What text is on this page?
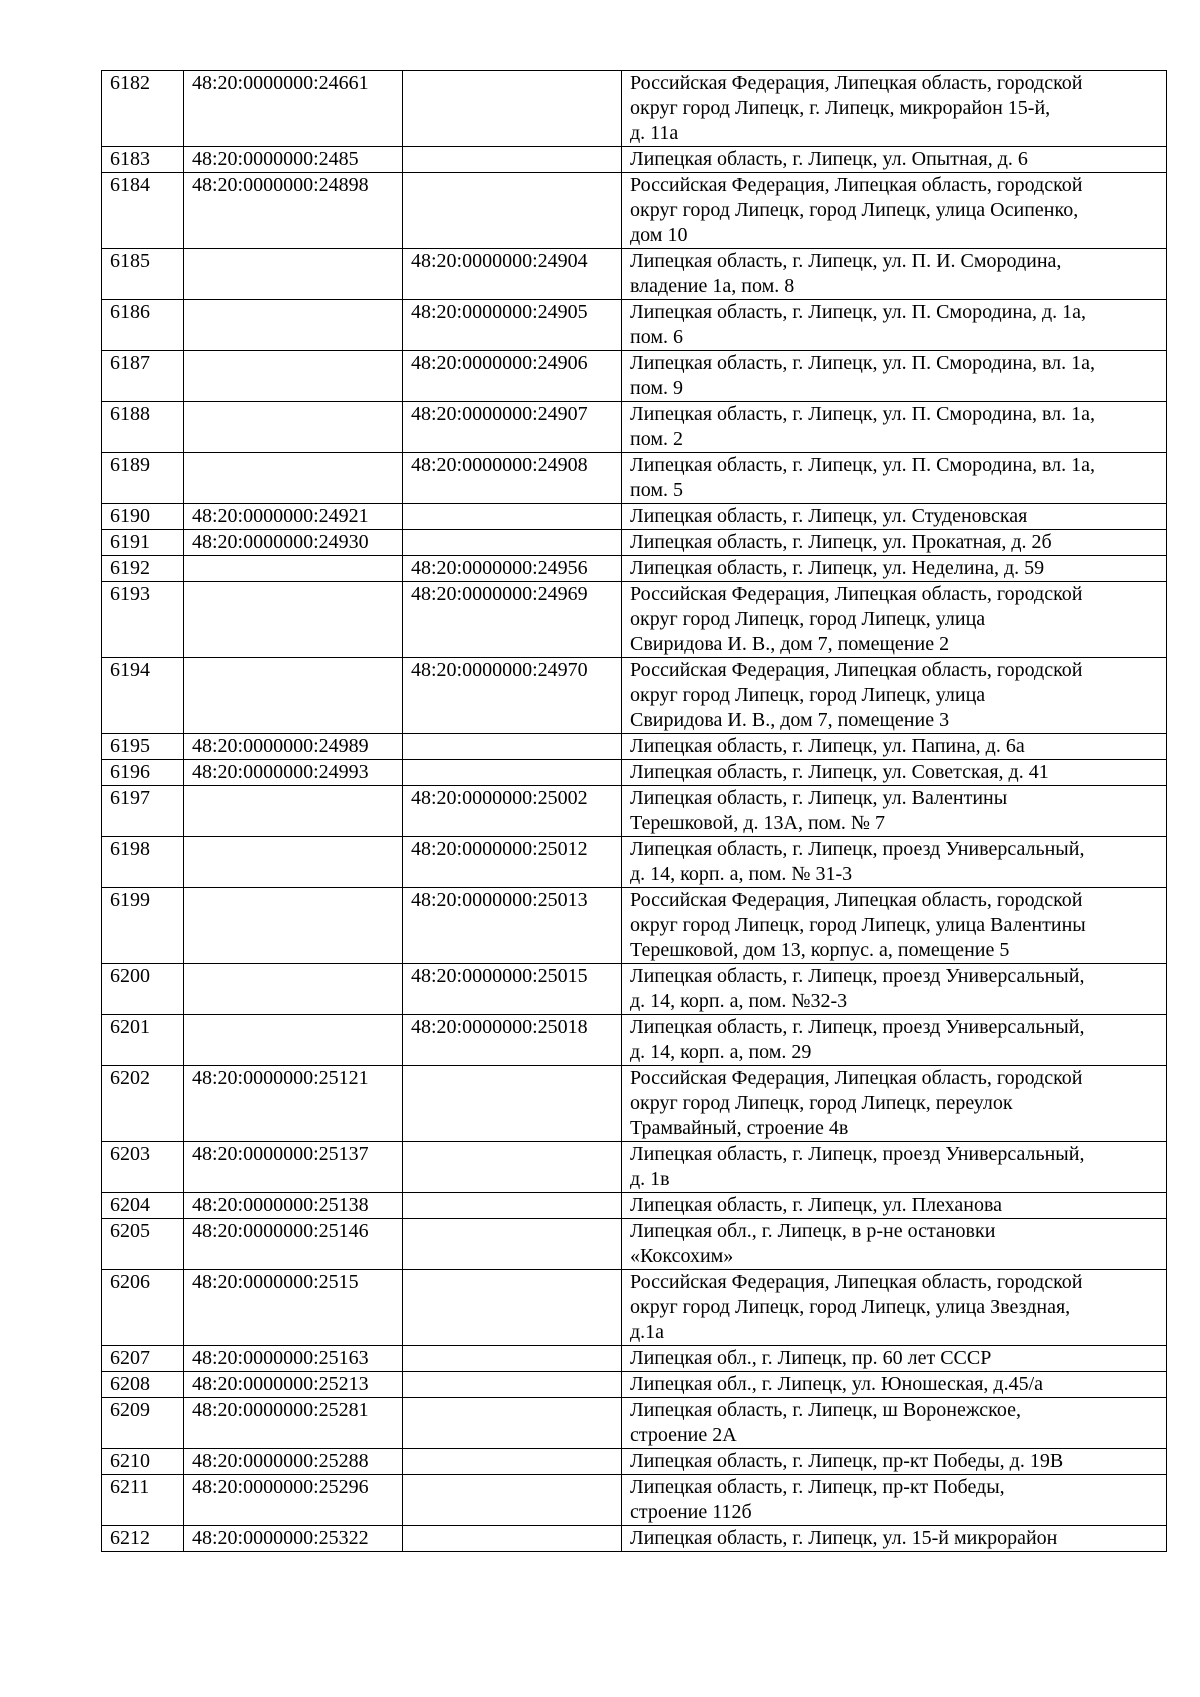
6182	48:20:0000000:24661		Российская Федерация, Липецкая область, городской
округ город Липецк, г. Липецк, микрорайон 15-й,
д. 11а
6183	48:20:0000000:2485		Липецкая область, г. Липецк, ул. Опытная, д. 6
6184	48:20:0000000:24898		Российская Федерация, Липецкая область, городской
округ город Липецк, город Липецк, улица Осипенко,
дом 10
6185		48:20:0000000:24904	Липецкая область, г. Липецк, ул. П. И. Смородина,
владение 1а, пом. 8
6186		48:20:0000000:24905	Липецкая область, г. Липецк, ул. П. Смородина, д. 1а,
пом. 6
6187		48:20:0000000:24906	Липецкая область, г. Липецк, ул. П. Смородина, вл. 1а,
пом. 9
6188		48:20:0000000:24907	Липецкая область, г. Липецк, ул. П. Смородина, вл. 1а,
пом. 2
6189		48:20:0000000:24908	Липецкая область, г. Липецк, ул. П. Смородина, вл. 1а,
пом. 5
6190	48:20:0000000:24921		Липецкая область, г. Липецк, ул. Студеновская
6191	48:20:0000000:24930		Липецкая область, г. Липецк, ул. Прокатная, д. 2б
6192		48:20:0000000:24956	Липецкая область, г. Липецк, ул. Неделина, д. 59
6193		48:20:0000000:24969	Российская Федерация, Липецкая область, городской
округ город Липецк, город Липецк, улица
Свиридова И. В., дом 7, помещение 2
6194		48:20:0000000:24970	Российская Федерация, Липецкая область, городской
округ город Липецк, город Липецк, улица
Свиридова И. В., дом 7, помещение 3
6195	48:20:0000000:24989		Липецкая область, г. Липецк, ул. Папина, д. 6а
6196	48:20:0000000:24993		Липецкая область, г. Липецк, ул. Советская, д. 41
6197		48:20:0000000:25002	Липецкая область, г. Липецк, ул. Валентины
Терешковой, д. 13А, пом. № 7
6198		48:20:0000000:25012	Липецкая область, г. Липецк, проезд Универсальный,
д. 14, корп. а, пом. № 31-3
6199		48:20:0000000:25013	Российская Федерация, Липецкая область, городской
округ город Липецк, город Липецк, улица Валентины
Терешковой, дом 13, корпус. а, помещение 5
6200		48:20:0000000:25015	Липецкая область, г. Липецк, проезд Универсальный,
д. 14, корп. а, пом. №32-3
6201		48:20:0000000:25018	Липецкая область, г. Липецк, проезд Универсальный,
д. 14, корп. а, пом. 29
6202	48:20:0000000:25121		Российская Федерация, Липецкая область, городской
округ город Липецк, город Липецк, переулок
Трамвайный, строение 4в
6203	48:20:0000000:25137		Липецкая область, г. Липецк, проезд Универсальный,
д. 1в
6204	48:20:0000000:25138		Липецкая область, г. Липецк, ул. Плеханова
6205	48:20:0000000:25146		Липецкая обл., г. Липецк, в р-не остановки
«Коксохим»
6206	48:20:0000000:2515		Российская Федерация, Липецкая область, городской
округ город Липецк, город Липецк, улица Звездная,
д.1а
6207	48:20:0000000:25163		Липецкая обл., г. Липецк, пр. 60 лет СССР
6208	48:20:0000000:25213		Липецкая обл., г. Липецк, ул. Юношеская, д.45/а
6209	48:20:0000000:25281		Липецкая область, г. Липецк, ш Воронежское,
строение 2А
6210	48:20:0000000:25288		Липецкая область, г. Липецк, пр-кт Победы, д. 19В
6211	48:20:0000000:25296		Липецкая область, г. Липецк, пр-кт Победы,
строение 112б
6212	48:20:0000000:25322		Липецкая область, г. Липецк, ул. 15-й микрорайон
